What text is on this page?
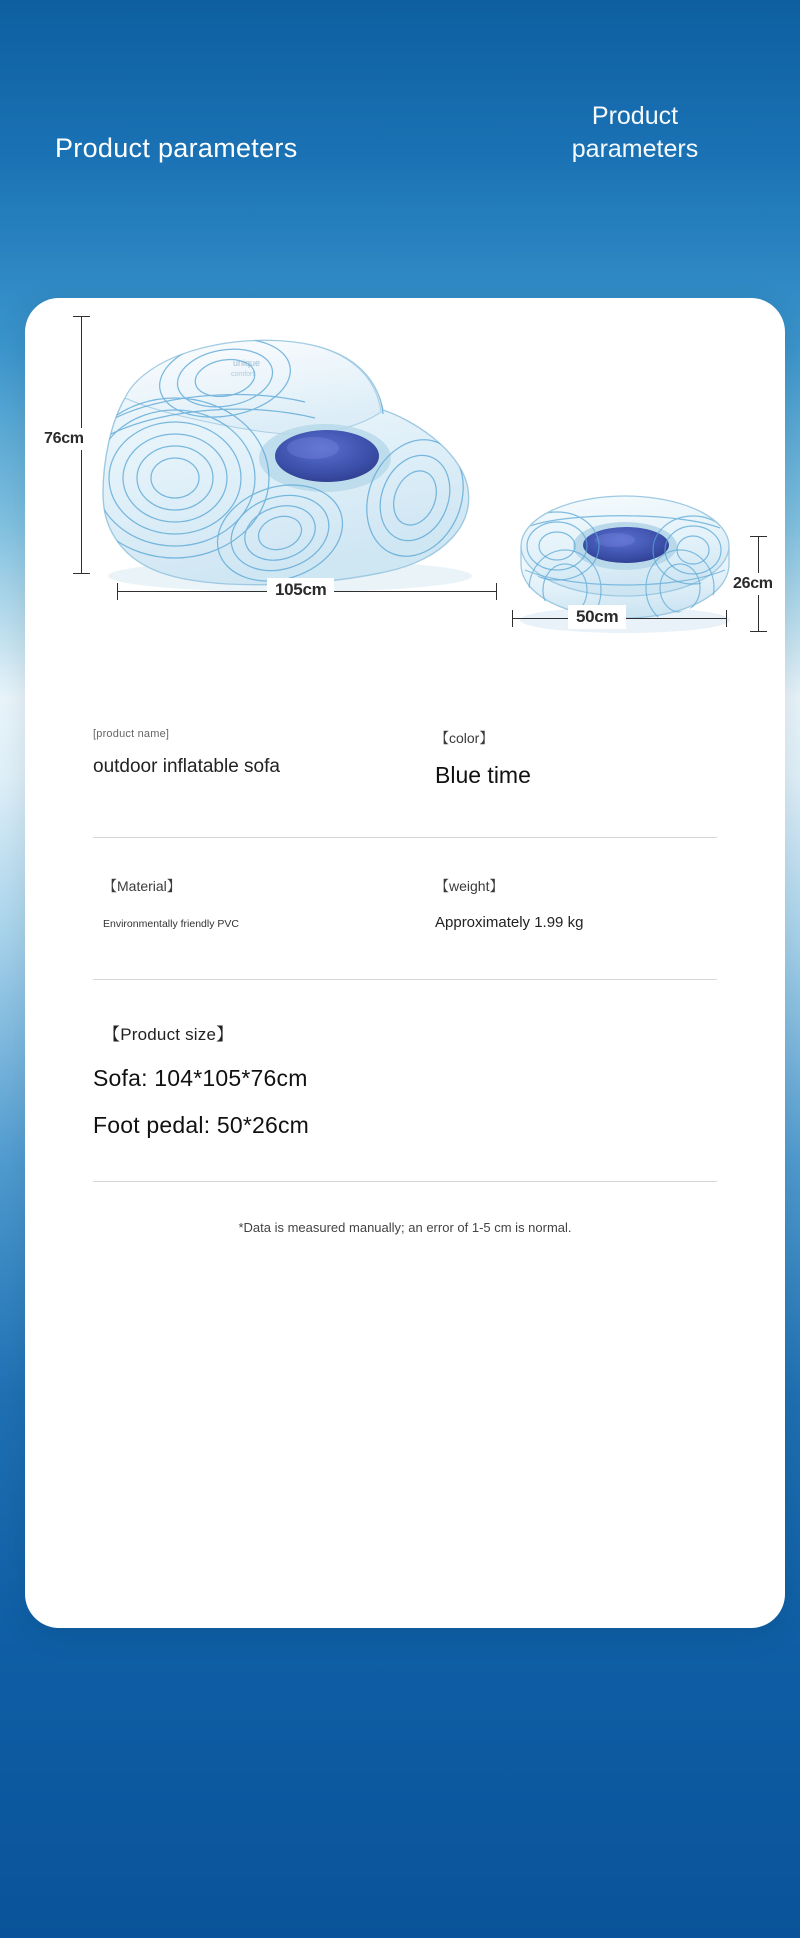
Product parameters
Product
parameters
unique
comfort
76cm
105cm
50cm
26cm
[product name]
outdoor inflatable sofa
【color】
Blue time
【Material】
Environmentally friendly PVC
【weight】
Approximately 1.99 kg
【Product size】
Sofa: 104*105*76cm
Foot pedal: 50*26cm
*Data is measured manually; an error of 1-5 cm is normal.
